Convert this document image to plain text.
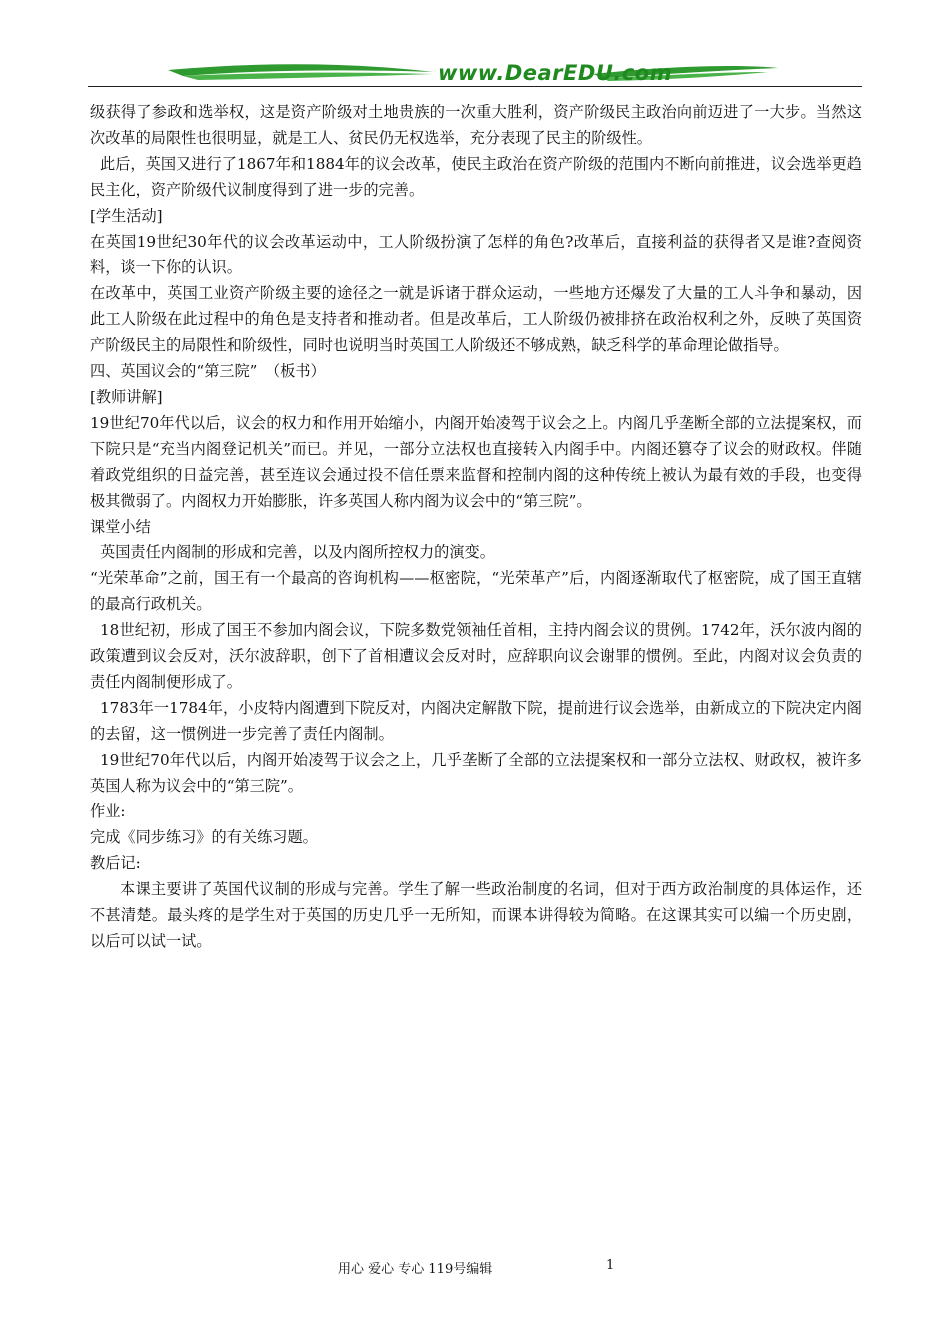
www.DearEDU.com

级获得了参政和选举权，这是资产阶级对土地贵族的一次重大胜利，资产阶级民主政治向前迈进了一大步。当然这次改革的局限性也很明显，就是工人、贫民仍无权选举，充分表现了民主的阶级性。

此后，英国又进行了1867年和1884年的议会改革，使民主政治在资产阶级的范围内不断向前推进，议会选举更趋民主化，资产阶级代议制度得到了进一步的完善。

[学生活动]

在英国19世纪30年代的议会改革运动中，工人阶级扮演了怎样的角色?改革后，直接利益的获得者又是谁?查阅资料，谈一下你的认识。

在改革中，英国工业资产阶级主要的途径之一就是诉诸于群众运动，一些地方还爆发了大量的工人斗争和暴动，因此工人阶级在此过程中的角色是支持者和推动者。但是改革后，工人阶级仍被排挤在政治权利之外，反映了英国资产阶级民主的局限性和阶级性，同时也说明当时英国工人阶级还不够成熟，缺乏科学的革命理论做指导。

四、英国议会的“第三院”　（板书）

[教师讲解]

19世纪70年代以后，议会的权力和作用开始缩小，内阁开始凌驾于议会之上。内阁几乎垄断全部的立法提案权，而下院只是“充当内阁登记机关”而已。并见，一部分立法权也直接转入内阁手中。内阁还篡夺了议会的财政权。伴随着政党组织的日益完善，甚至连议会通过投不信任票来监督和控制内阁的这种传统上被认为最有效的手段，也变得极其微弱了。内阁权力开始膨胀，许多英国人称内阁为议会中的“第三院”。

课堂小结

英国责任内阁制的形成和完善，以及内阁所控权力的演变。

“光荣革命”之前，国王有一个最高的咨询机构——枢密院，“光荣革产”后，内阁逐渐取代了枢密院，成了国王直辖的最高行政机关。

18世纪初，形成了国王不参加内阁会议，下院多数党领袖任首相，主持内阁会议的贯例。1742年，沃尔波内阁的政策遭到议会反对，沃尔波辞职，创下了首相遭议会反对时，应辞职向议会谢罪的惯例。至此，内阁对议会负责的责任内阁制便形成了。

1783年一1784年，小皮特内阁遭到下院反对，内阁决定解散下院，提前进行议会选举，由新成立的下院决定内阁的去留，这一惯例进一步完善了责任内阁制。

19世纪70年代以后，内阁开始凌驾于议会之上，几乎垄断了全部的立法提案权和一部分立法权、财政权，被许多英国人称为议会中的“第三院”。

作业:

完成《同步练习》的有关练习题。

教后记:

本课主要讲了英国代议制的形成与完善。学生了解一些政治制度的名词，但对于西方政治制度的具体运作，还不甚清楚。最头疼的是学生对于英国的历史几乎一无所知，而课本讲得较为简略。在这课其实可以编一个历史剧，以后可以试一试。

用心 爱心 专心 119号编辑	1
